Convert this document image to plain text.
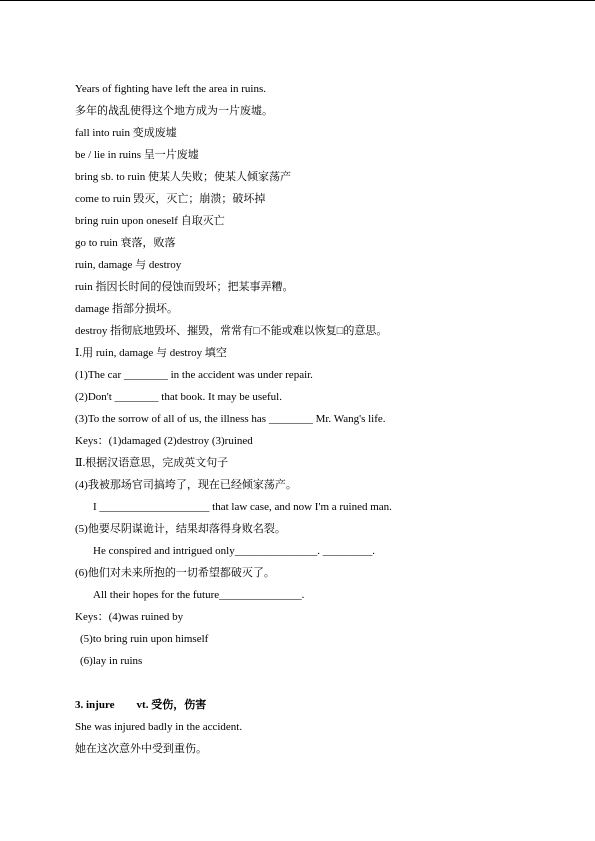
Years of fighting have left the area in ruins.
多年的战乱使得这个地方成为一片废墟。
fall into ruin 变成废墟
be / lie in ruins 呈一片废墟
bring sb. to ruin 使某人失败；使某人倾家荡产
come to ruin 毁灭，灭亡；崩溃；破坏掉
bring ruin upon oneself 自取灭亡
go to ruin 衰落，败落
ruin, damage 与 destroy
ruin 指因长时间的侵蚀而毁坏；把某事弄糟。
damage 指部分损坏。
destroy 指彻底地毁坏、摧毁，常常有□不能或难以恢复□的意思。
Ⅰ.用 ruin, damage 与 destroy 填空
(1)The car ________ in the accident was under repair.
(2)Don't ________ that book. It may be useful.
(3)To the sorrow of all of us, the illness has ________ Mr. Wang's life.
Keys：(1)damaged (2)destroy (3)ruined
Ⅱ.根据汉语意思，完成英文句子
(4)我被那场官司搞垮了，现在已经倾家荡产。
I ____________________ that law case, and now I'm a ruined man.
(5)他要尽阴谋诡计，结果却落得身败名裂。
He conspired and intrigued only_______________. _________.
(6)他们对未来所抱的一切希望都破灭了。
All their hopes for the future_______________.
Keys：(4)was ruined by
(5)to bring ruin upon himself
(6)lay in ruins
3. injure vt. 受伤，伤害
She was injured badly in the accident.
她在这次意外中受到重伤。
